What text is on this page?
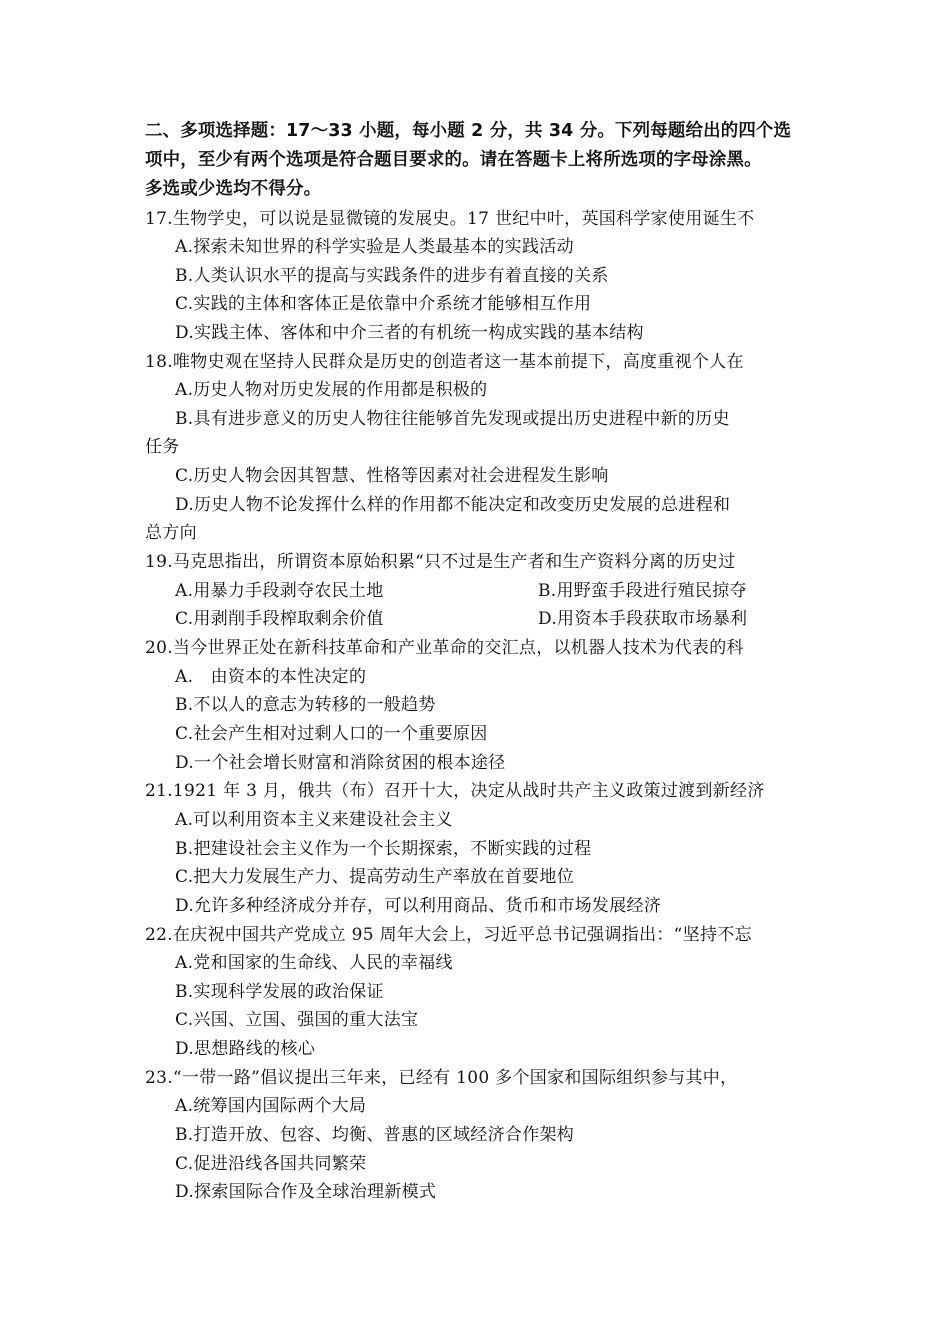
二、多项选择题：17～33 小题，每小题 2 分，共 34 分。下列每题给出的四个选
项中，至少有两个选项是符合题目要求的。请在答题卡上将所选项的字母涂黑。
多选或少选均不得分。
17.生物学史，可以说是显微镜的发展史。17 世纪中叶，英国科学家使用诞生不
A.探索未知世界的科学实验是人类最基本的实践活动
B.人类认识水平的提高与实践条件的进步有着直接的关系
C.实践的主体和客体正是依靠中介系统才能够相互作用
D.实践主体、客体和中介三者的有机统一构成实践的基本结构
18.唯物史观在坚持人民群众是历史的创造者这一基本前提下，高度重视个人在
A.历史人物对历史发展的作用都是积极的
B.具有进步意义的历史人物往往能够首先发现或提出历史进程中新的历史
任务
C.历史人物会因其智慧、性格等因素对社会进程发生影响
D.历史人物不论发挥什么样的作用都不能决定和改变历史发展的总进程和
总方向
19.马克思指出，所谓资本原始积累“只不过是生产者和生产资料分离的历史过
A.用暴力手段剥夺农民土地	B.用野蛮手段进行殖民掠夺
C.用剥削手段榨取剩余价值	D.用资本手段获取市场暴利
20.当今世界正处在新科技革命和产业革命的交汇点，以机器人技术为代表的科
A.　由资本的本性决定的
B.不以人的意志为转移的一般趋势
C.社会产生相对过剩人口的一个重要原因
D.一个社会增长财富和消除贫困的根本途径
21.1921 年 3 月，俄共（布）召开十大，决定从战时共产主义政策过渡到新经济
A.可以利用资本主义来建设社会主义
B.把建设社会主义作为一个长期探索，不断实践的过程
C.把大力发展生产力、提高劳动生产率放在首要地位
D.允许多种经济成分并存，可以利用商品、货币和市场发展经济
22.在庆祝中国共产党成立 95 周年大会上，习近平总书记强调指出：“坚持不忘
A.党和国家的生命线、人民的幸福线
B.实现科学发展的政治保证
C.兴国、立国、强国的重大法宝
D.思想路线的核心
23.“一带一路”倡议提出三年来，已经有 100 多个国家和国际组织参与其中，
A.统筹国内国际两个大局
B.打造开放、包容、均衡、普惠的区域经济合作架构
C.促进沿线各国共同繁荣
D.探索国际合作及全球治理新模式
